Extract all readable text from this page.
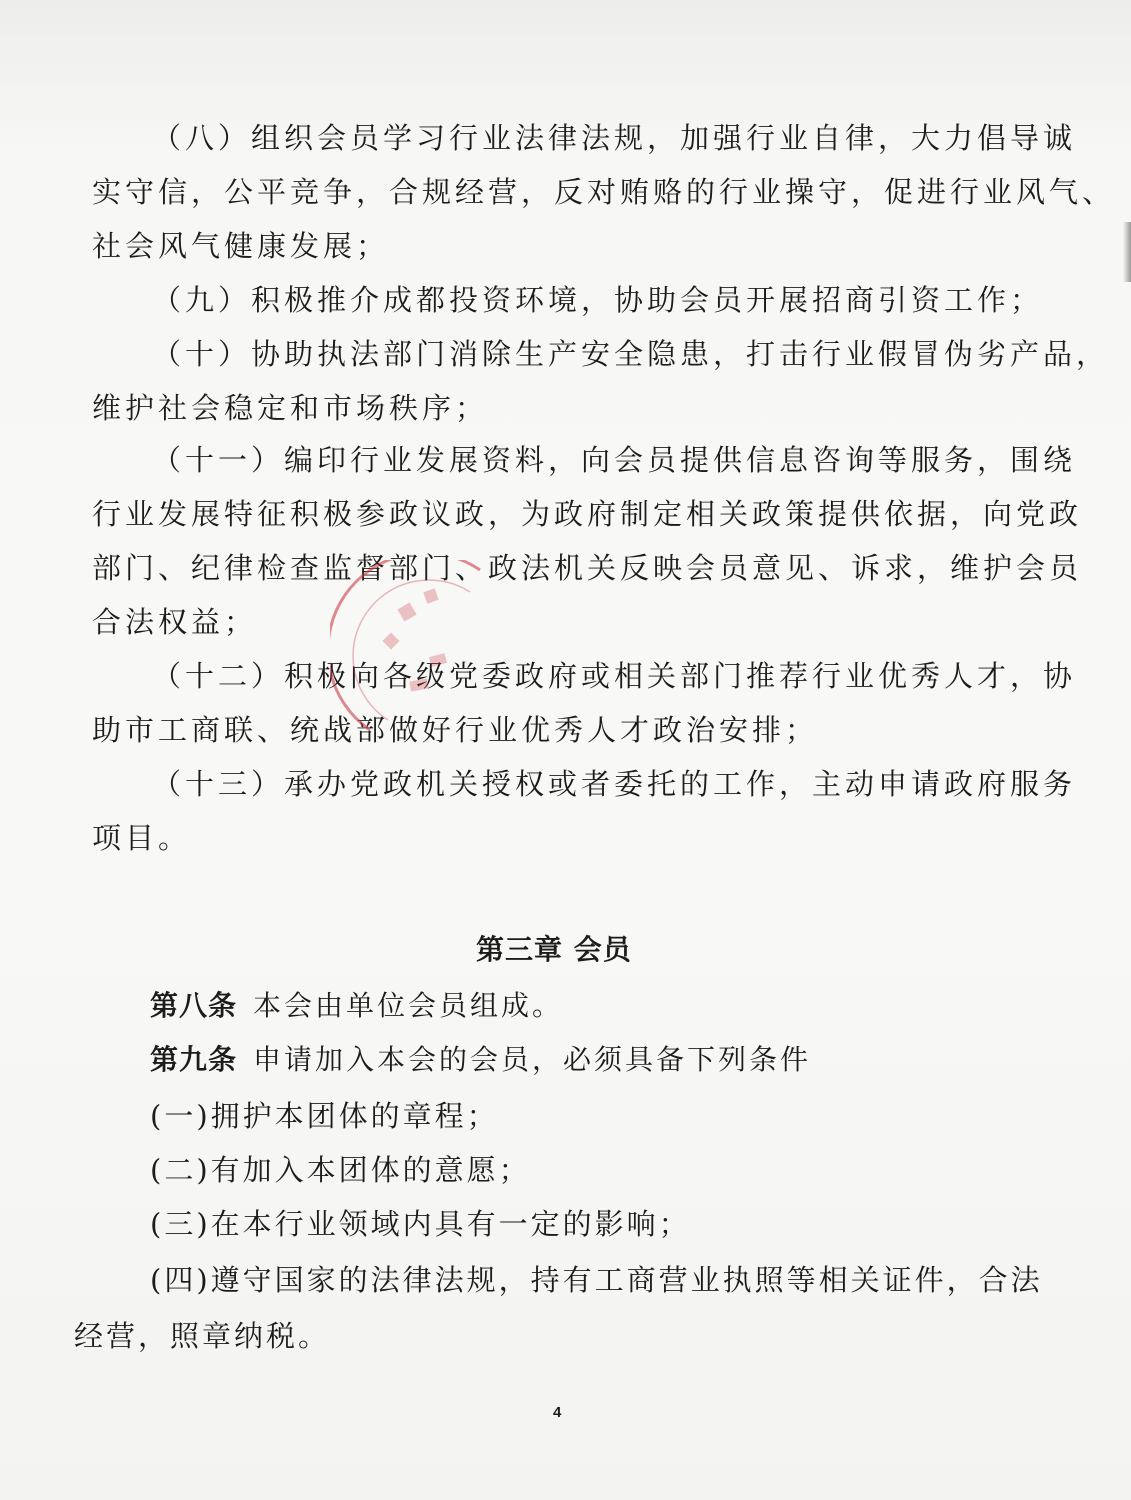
（八）组织会员学习行业法律法规，加强行业自律，大力倡导诚
实守信，公平竞争，合规经营，反对贿赂的行业操守，促进行业风气、
社会风气健康发展；
（九）积极推介成都投资环境，协助会员开展招商引资工作；
（十）协助执法部门消除生产安全隐患，打击行业假冒伪劣产品，
维护社会稳定和市场秩序；
（十一）编印行业发展资料，向会员提供信息咨询等服务，围绕
行业发展特征积极参政议政，为政府制定相关政策提供依据，向党政
部门、纪律检查监督部门、政法机关反映会员意见、诉求，维护会员
合法权益；
（十二）积极向各级党委政府或相关部门推荐行业优秀人才，协
助市工商联、统战部做好行业优秀人才政治安排；
（十三）承办党政机关授权或者委托的工作，主动申请政府服务
项目。
第三章 会员
第八条 本会由单位会员组成。
第九条 申请加入本会的会员，必须具备下列条件
(一)拥护本团体的章程；
(二)有加入本团体的意愿；
(三)在本行业领域内具有一定的影响；
(四)遵守国家的法律法规，持有工商营业执照等相关证件，合法
经营，照章纳税。
4
